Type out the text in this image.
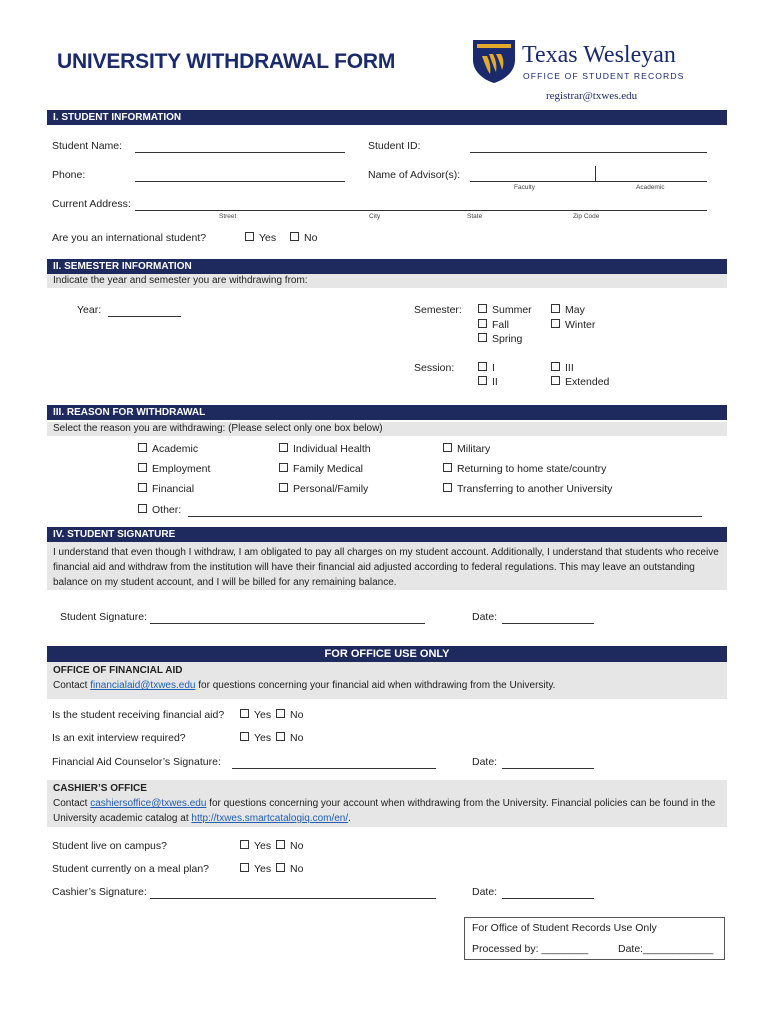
UNIVERSITY WITHDRAWAL FORM	Texas Wesleyan
OFFICE OF STUDENT RECORDS
registrar@txwes.edu
I. STUDENT INFORMATION
Student Name:	Student ID:
Phone:	Name of Advisor(s):
Faculty	Academic
Current Address:
Street	City	State	Zip Code
Are you an international student?	Yes	No
II. SEMESTER INFORMATION
Indicate the year and semester you are withdrawing from:
Year:	Semester:	Summer	May
Fall	Winter
Spring
Session:	I	III
II	Extended
III. REASON FOR WITHDRAWAL
Select the reason you are withdrawing: (Please select only one box below)
Academic	Individual Health	Military
Employment	Family Medical	Returning to home state/country
Financial	Personal/Family	Transferring to another University
Other:
IV. STUDENT SIGNATURE
I understand that even though I withdraw, I am obligated to pay all charges on my student account. Additionally, I understand that students who receive financial aid and withdraw from the institution will have their financial aid adjusted according to federal regulations. This may leave an outstanding balance on my student account, and I will be billed for any remaining balance.
Student Signature:	Date:
FOR OFFICE USE ONLY
OFFICE OF FINANCIAL AID
Contact financialaid@txwes.edu for questions concerning your financial aid when withdrawing from the University.
Is the student receiving financial aid?	Yes	No
Is an exit interview required?	Yes	No
Financial Aid Counselor’s Signature:	Date:
CASHIER’S OFFICE
Contact cashiersoffice@txwes.edu for questions concerning your account when withdrawing from the University. Financial policies can be found in the University academic catalog at http://txwes.smartcatalogiq.com/en/.
Student live on campus?	Yes	No
Student currently on a meal plan?	Yes	No
Cashier’s Signature:	Date:
For Office of Student Records Use Only
Processed by: ________	Date:____________
